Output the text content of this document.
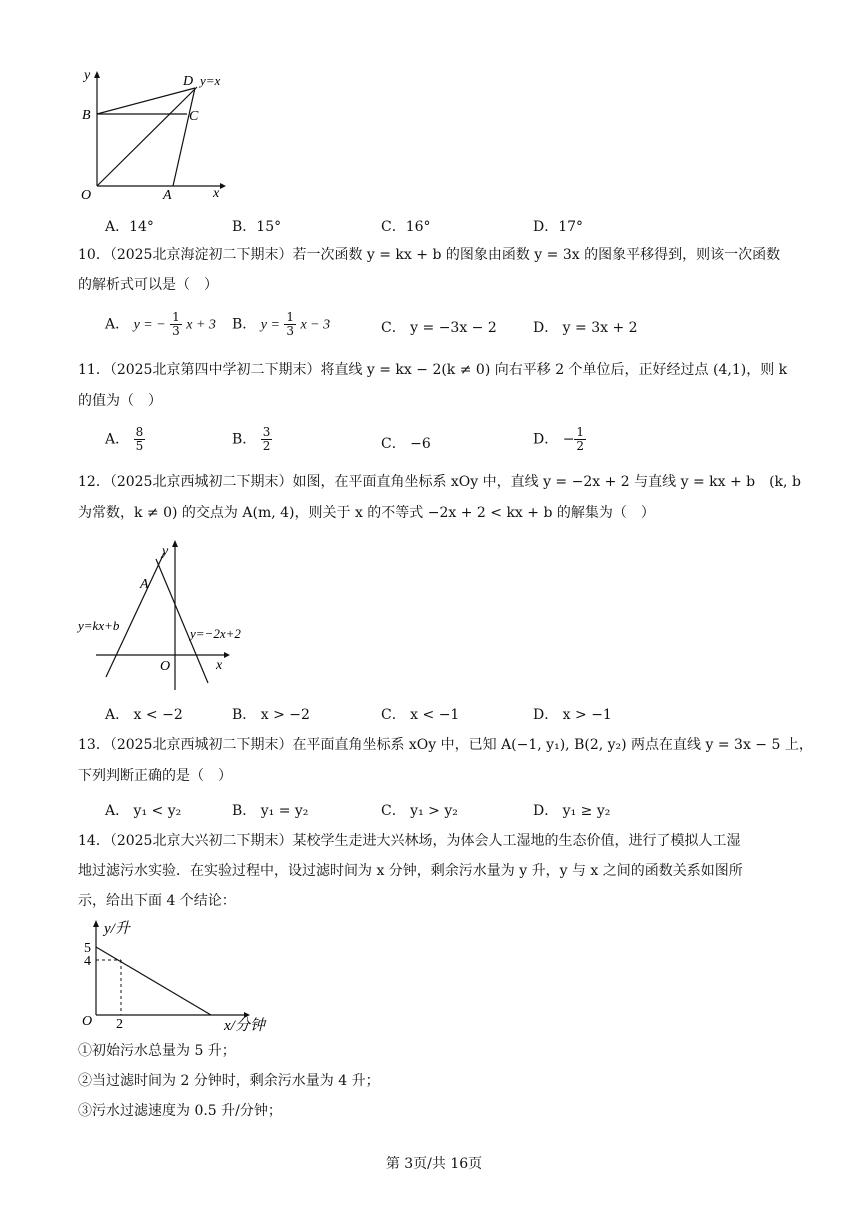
y
x
O	A
B	C
D y=x
A．14°	B．15°	C．16°	D．17°
10．（2025北京海淀初二下期末）若一次函数 y = kx + b 的图象由函数 y = 3x 的图象平移得到，则该一次函数
的解析式可以是（　）
A． y = − $\frac{1}{3}$ x + 3 B． $y = \frac{1}{3}$ x − 3	C． y = −3x − 2	D． y = 3x + 2
11．（2025北京第四中学初二下期末）将直线 y = kx − 2(k ≠ 0) 向右平移 2 个单位后，正好经过点 (4,1)，则 k
的值为（　）
A． $\frac{8}{5}$	B． $\frac{3}{2}$	C． −6	D． − $\frac{1}{2}$
12．（2025北京西城初二下期末）如图，在平面直角坐标系 xOy 中，直线 y = −2x + 2 与直线 y = kx + b　(k, b
为常数，k ≠ 0) 的交点为 A(m, 4)，则关于 x 的不等式 −2x + 2 < kx + b 的解集为（　）
y
x
O
A
y=kx+b
y=−2x+2
A． x < −2	B． x > −2	C． x < −1	D． x > −1
13．（2025北京西城初二下期末）在平面直角坐标系 xOy 中，已知 A(−1, y₁), B(2, y₂) 两点在直线 y = 3x − 5 上，
下列判断正确的是（　）
A． y₁ < y₂	B． y₁ = y₂	C． y₁ > y₂	D． y₁ ≥ y₂
14．（2025北京大兴初二下期末）某校学生走进大兴林场，为体会人工湿地的生态价值，进行了模拟人工湿
地过滤污水实验．在实验过程中，设过滤时间为 x 分钟，剩余污水量为 y 升，y 与 x 之间的函数关系如图所
示，给出下面 4 个结论：
y/升
x/分钟
O
5
4
2
①初始污水总量为 5 升；
②当过滤时间为 2 分钟时，剩余污水量为 4 升；
③污水过滤速度为 0.5 升/分钟；
第 3页/共 16页
